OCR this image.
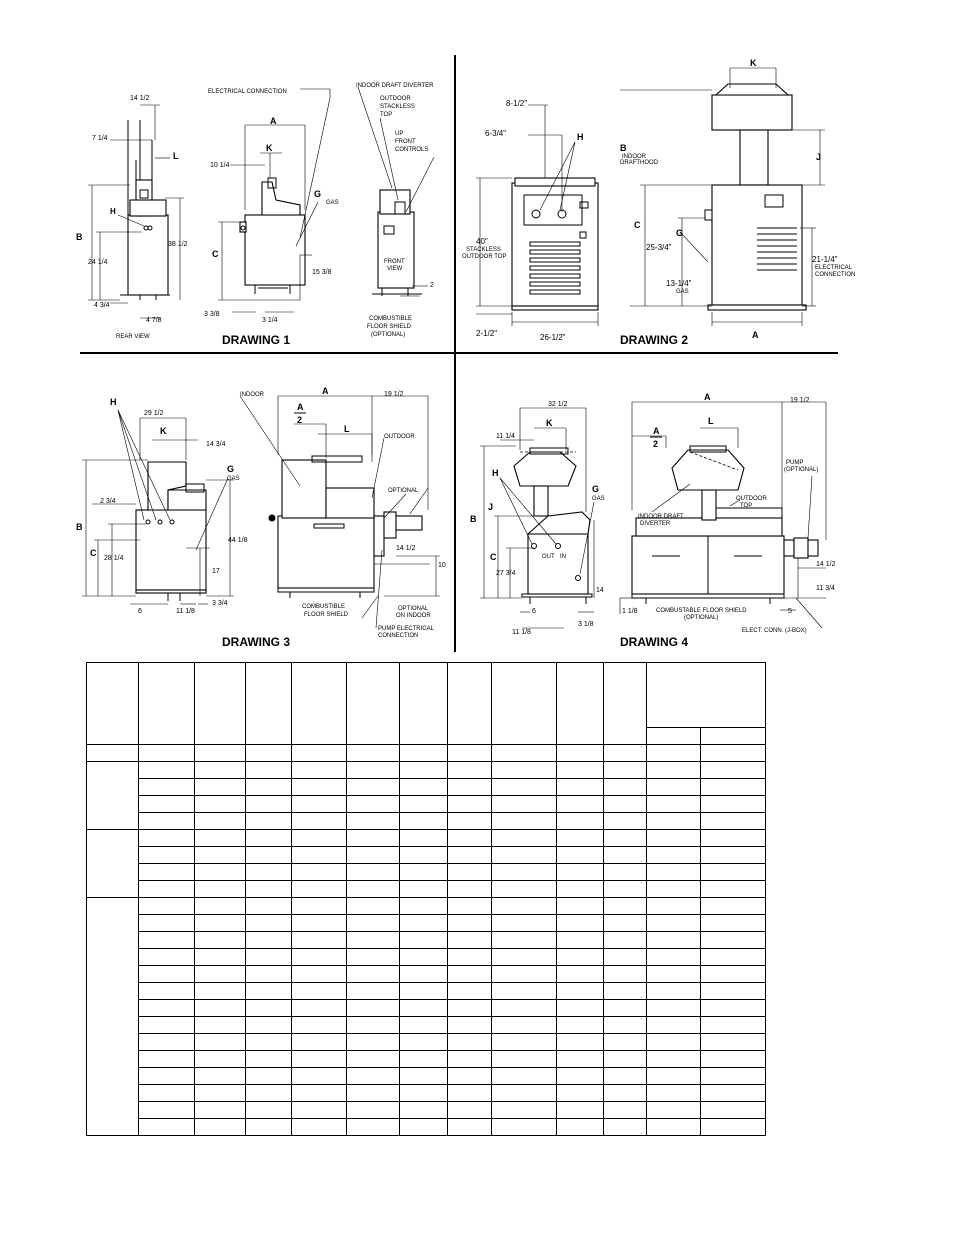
14 1/2
7 1/4
L
H
B
24 1/4
38 1/2
4 3/4
4 7/8
REAR VIEW
ELECTRICAL CONNECTION
A
K
10 1/4
G
GAS
C
15 3/8
3 3/8
3 1/4
INDOOR DRAFT DIVERTER
OUTDOOR
STACKLESS
TOP
UP
FRONT
CONTROLS
FRONT
VIEW
2
COMBUSTIBLE
FLOOR SHIELD
(OPTIONAL)
DRAWING 1
8-1/2"
6-3/4"	H
40"
STACKLESS
OUTDOOR TOP
2-1/2"	26-1/2"
B
INDOOR
DRAFTHOOD
K
J
C
G
25-3/4"
13-1/4"
GAS
21-1/4"
ELECTRICAL
CONNECTION
A
DRAWING 2
H
29 1/2
K
14 3/4
G
GAS
2 3/4
B
C
28 1/4
44 1/8
17
3 3/4
6	11 1/8
INDOOR	A	19 1/2
A
2
L
OUTDOOR
OPTIONAL
14 1/2
10
COMBUSTIBLE
FLOOR SHIELD
OPTIONAL
ON INDOOR
PUMP ELECTRICAL
CONNECTION
DRAWING 3
32 1/2
K
11 1/4
H
G
GAS
J
B
C	OUT IN
27 3/4
14
6
3 1/8
11 1/8
A	19 1/2
L
A
2
PUMP
(OPTIONAL)
OUTDOOR
TOP
INDOOR DRAFT
DIVERTER
14 1/2
11 3/4
COMBUSTABLE FLOOR SHIELD
(OPTIONAL)
1 1/8	5
ELECT. CONN. (J-BOX)
DRAWING 4
